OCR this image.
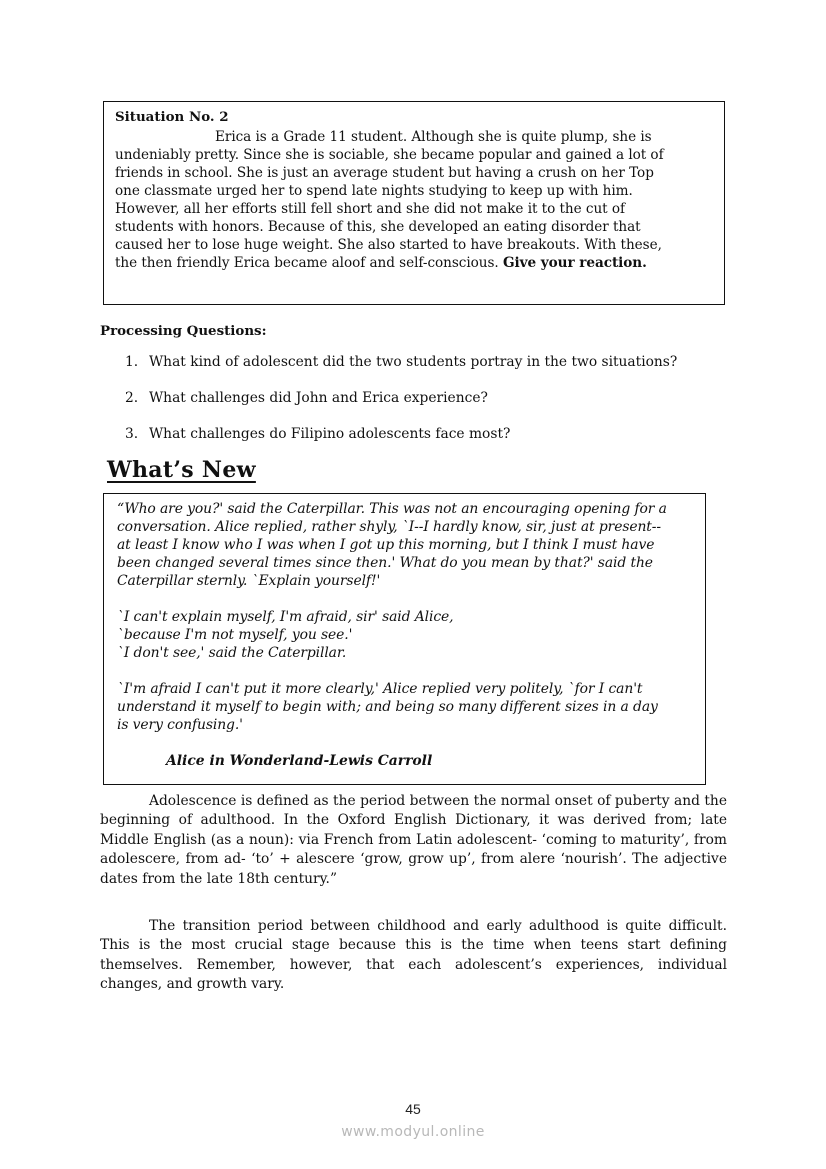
Situation No. 2

Erica is a Grade 11 student. Although she is quite plump, she is
undeniably pretty. Since she is sociable, she became popular and gained a lot of
friends in school. She is just an average student but having a crush on her Top
one classmate urged her to spend late nights studying to keep up with him.
However, all her efforts still fell short and she did not make it to the cut of
students with honors. Because of this, she developed an eating disorder that
caused her to lose huge weight. She also started to have breakouts. With these,
the then friendly Erica became aloof and self-conscious. Give your reaction.

Processing Questions:

1. What kind of adolescent did the two students portray in the two situations?
2. What challenges did John and Erica experience?
3. What challenges do Filipino adolescents face most?
What’s New

“Who are you?' said the Caterpillar. This was not an encouraging opening for a
conversation. Alice replied, rather shyly, `I--I hardly know, sir, just at present--
at least I know who I was when I got up this morning, but I think I must have
been changed several times since then.' What do you mean by that?' said the
Caterpillar sternly. `Explain yourself!'

`I can't explain myself, I'm afraid, sir' said Alice,
`because I'm not myself, you see.'
`I don't see,' said the Caterpillar.

`I'm afraid I can't put it more clearly,' Alice replied very politely, `for I can't
understand it myself to begin with; and being so many different sizes in a day
is very confusing.'

Alice in Wonderland-Lewis Carroll

Adolescence is defined as the period between the normal onset of puberty and the beginning of adulthood. In the Oxford English Dictionary, it was derived from; late Middle English (as a noun): via French from Latin adolescent- ‘coming to maturity’, from adolescere, from ad- ‘to’ + alescere ‘grow, grow up’, from alere ‘nourish’. The adjective dates from the late 18th century.”

The transition period between childhood and early adulthood is quite difficult. This is the most crucial stage because this is the time when teens start defining themselves. Remember, however, that each adolescent’s experiences, individual changes, and growth vary.

45

www.modyul.online
